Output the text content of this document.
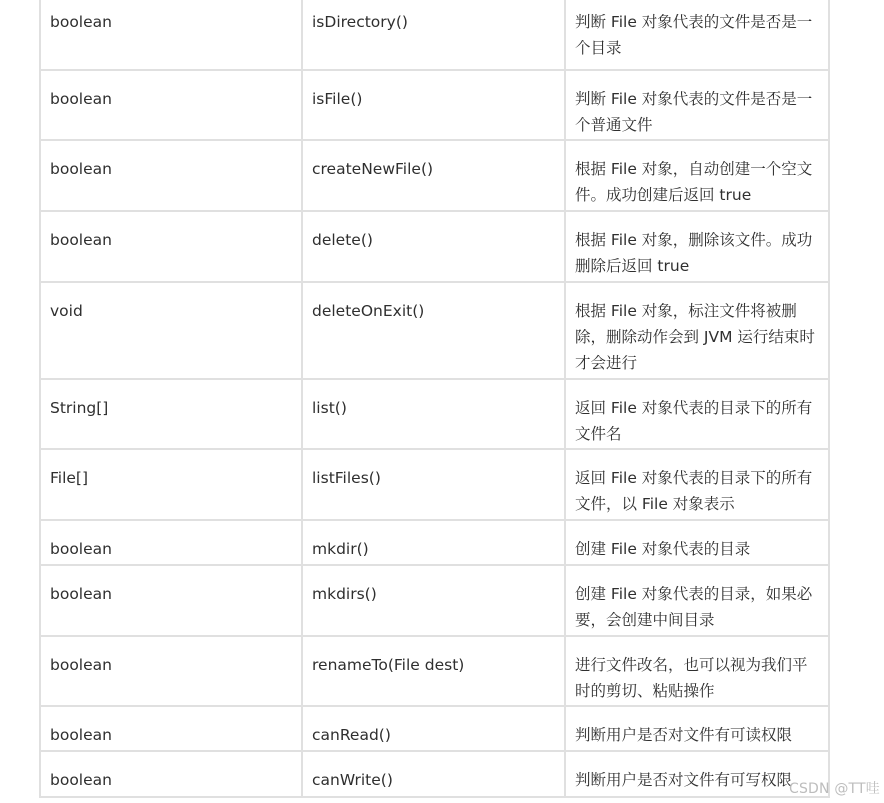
boolean	isDirectory()	判断 File 对象代表的文件是否是一个目录
boolean	isFile()	判断 File 对象代表的文件是否是一个普通文件
boolean	createNewFile()	根据 File 对象，自动创建一个空文件。成功创建后返回 true
boolean	delete()	根据 File 对象，删除该文件。成功删除后返回 true
void	deleteOnExit()	根据 File 对象，标注文件将被删除，删除动作会到 JVM 运行结束时才会进行
String[]	list()	返回 File 对象代表的目录下的所有文件名
File[]	listFiles()	返回 File 对象代表的目录下的所有文件，以 File 对象表示
boolean	mkdir()	创建 File 对象代表的目录
boolean	mkdirs()	创建 File 对象代表的目录，如果必要，会创建中间目录
boolean	renameTo(File dest)	进行文件改名，也可以视为我们平时的剪切、粘贴操作
boolean	canRead()	判断用户是否对文件有可读权限
boolean	canWrite()	判断用户是否对文件有可写权限
CSDN @TT哇
